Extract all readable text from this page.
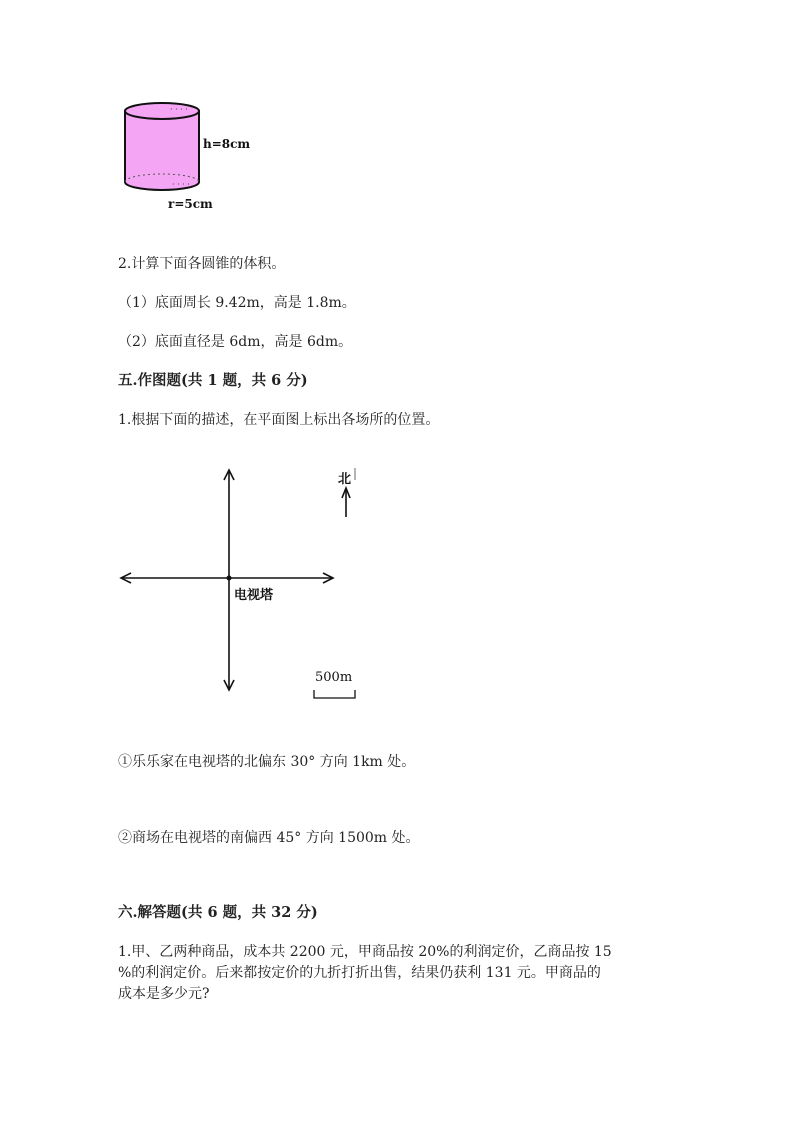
· · · ·
· · · ·
h=8cm
r=5cm
2.计算下面各圆锥的体积。
（1）底面周长 9.42m，高是 1.8m。
（2）底面直径是 6dm，高是 6dm。
五.作图题(共 1 题，共 6 分)
1.根据下面的描述，在平面图上标出各场所的位置。
电视塔
北
500m
①乐乐家在电视塔的北偏东 30° 方向 1km 处。
②商场在电视塔的南偏西 45° 方向 1500m 处。
六.解答题(共 6 题，共 32 分)
1.甲、乙两种商品，成本共 2200 元，甲商品按 20%的利润定价，乙商品按 15
%的利润定价。后来都按定价的九折打折出售，结果仍获利 131 元。甲商品的
成本是多少元?
